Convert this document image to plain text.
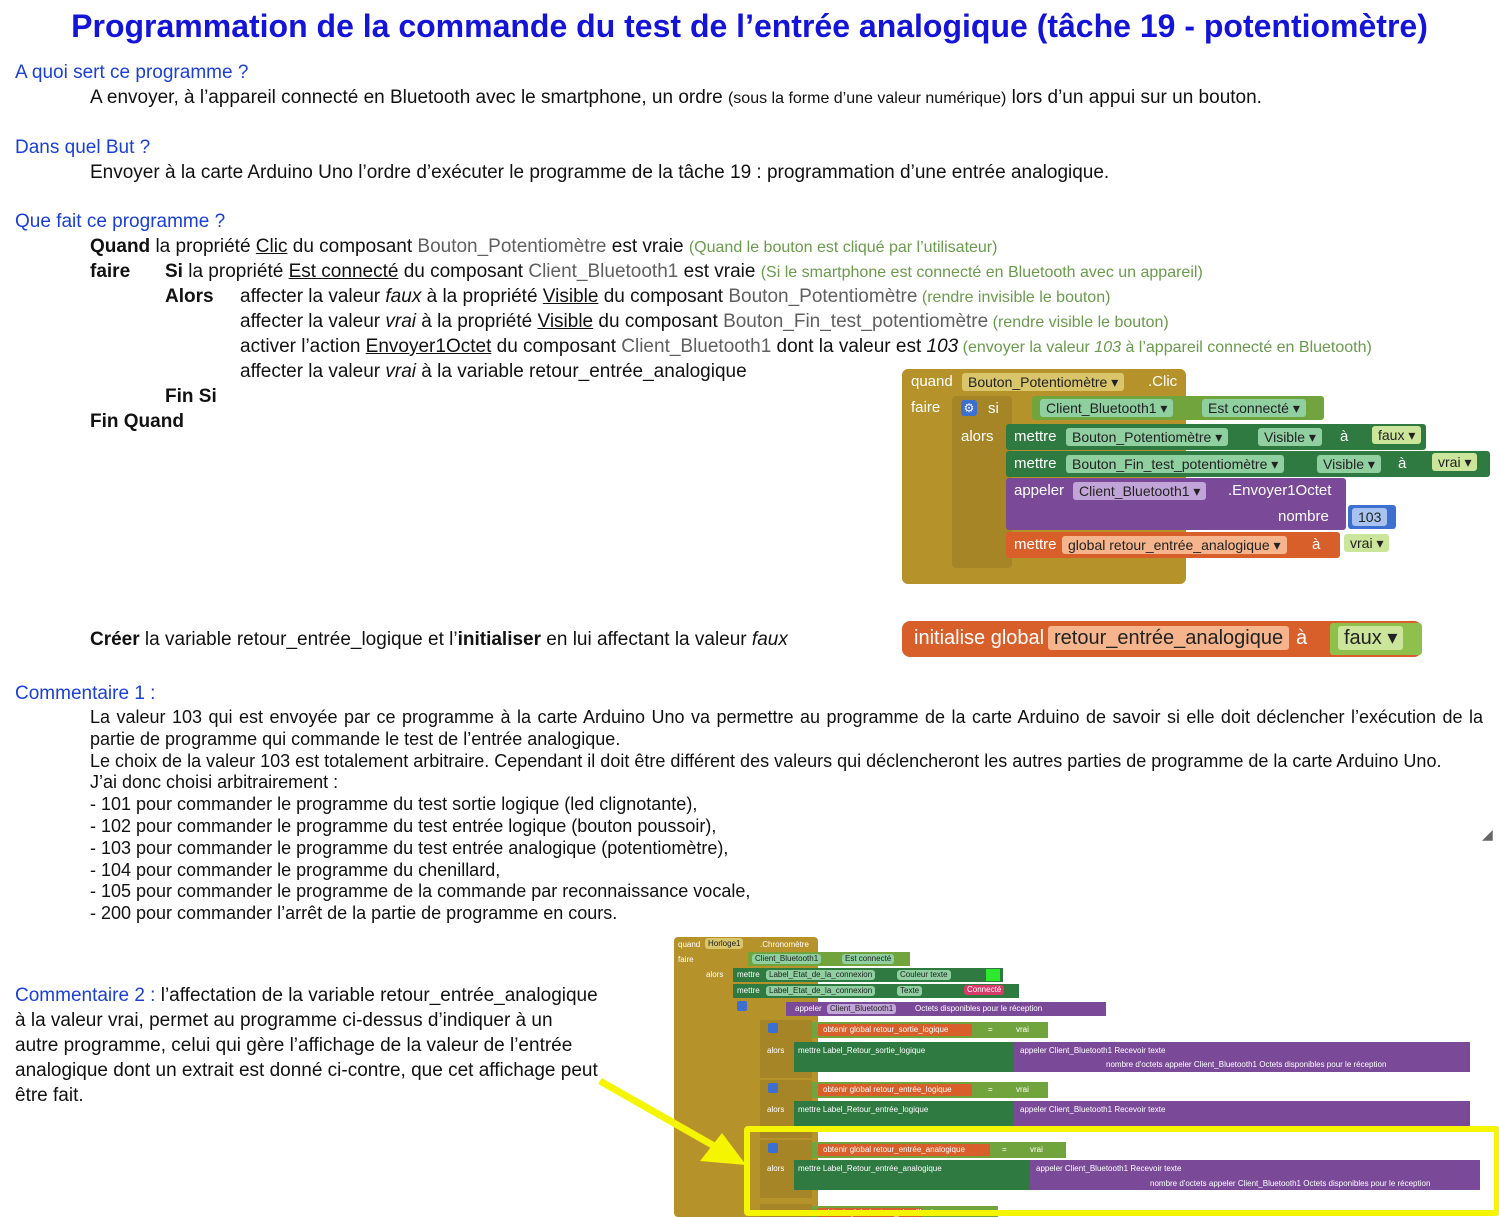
Programmation de la commande du test de l’entrée analogique (tâche 19 - potentiomètre)
A quoi sert ce programme ?
A envoyer, à l’appareil connecté en Bluetooth avec le smartphone, un ordre (sous la forme d’une valeur numérique) lors d’un appui sur un bouton.
Dans quel But ?
Envoyer à la carte Arduino Uno l’ordre d’exécuter le programme de la tâche 19 : programmation d’une entrée analogique.
Que fait ce programme ?
Quand la propriété Clic du composant Bouton_Potentiomètre est vraie (Quand le bouton est cliqué par l’utilisateur)
faire Si la propriété Est connecté du composant Client_Bluetooth1 est vraie (Si le smartphone est connecté en Bluetooth avec un appareil)
Alors affecter la valeur faux à la propriété Visible du composant Bouton_Potentiomètre (rendre invisible le bouton)
affecter la valeur vrai à la propriété Visible du composant Bouton_Fin_test_potentiomètre (rendre visible le bouton)
activer l’action Envoyer1Octet du composant Client_Bluetooth1 dont la valeur est 103 (envoyer la valeur 103 à l’appareil connecté en Bluetooth)
affecter la valeur vrai à la variable retour_entrée_analogique
Fin Si
Fin Quand
quand	Bouton_Potentiomètre ▾	.Clic
faire ⚙ si	Client_Bluetooth1 ▾	Est connecté ▾
alors mettre	Bouton_Potentiomètre ▾	Visible ▾	à	faux ▾
mettre	Bouton_Fin_test_potentiomètre ▾	Visible ▾	à	vrai ▾
appeler	Client_Bluetooth1 ▾	.Envoyer1Octet
nombre	103
mettre global retour_entrée_analogique ▾	à	vrai ▾
Créer la variable retour_entrée_logique et l’initialiser en lui affectant la valeur faux	initialise global retour_entrée_analogique à	faux ▾
Commentaire 1 :
La valeur 103 qui est envoyée par ce programme à la carte Arduino Uno va permettre au programme de la carte Arduino de savoir si elle doit déclencher l’exécution de la partie de programme qui commande le test de l’entrée analogique.
Le choix de la valeur 103 est totalement arbitraire. Cependant il doit être différent des valeurs qui déclencheront les autres parties de programme de la carte Arduino Uno.
J’ai donc choisi arbitrairement :
- 101 pour commander le programme du test sortie logique (led clignotante),
- 102 pour commander le programme du test entrée logique (bouton poussoir),
- 103 pour commander le programme du test entrée analogique (potentiomètre),
- 104 pour commander le programme du chenillard,
- 105 pour commander le programme de la commande par reconnaissance vocale,
- 200 pour commander l’arrêt de la partie de programme en cours.
◢
Commentaire 2 : l’affectation de la variable retour_entrée_analogique à la valeur vrai, permet au programme ci-dessus d’indiquer à un autre programme, celui qui gère l’affichage de la valeur de l’entrée analogique dont un extrait est donné ci-contre, que cet affichage peut être fait.
quand Horloge1	.Chronomètre
faire	Client_Bluetooth1	Est connecté
alors mettre	Label_Etat_de_la_connexion	Couleur texte
mettre	Label_Etat_de_la_connexion	Texte	Connecté
appeler	Client_Bluetooth1	Octets disponibles pour le réception
obtenir global retour_sortie_logique	=	vrai
alors mettre Label_Retour_sortie_logique	appeler Client_Bluetooth1 Recevoir texte
nombre d'octets appeler Client_Bluetooth1 Octets disponibles pour le réception
obtenir global retour_entrée_logique	=	vrai
alors mettre Label_Retour_entrée_logique	appeler Client_Bluetooth1 Recevoir texte
obtenir global retour_entrée_analogique	=	vrai
alors mettre Label_Retour_entrée_analogique	appeler Client_Bluetooth1 Recevoir texte
nombre d'octets appeler Client_Bluetooth1 Octets disponibles pour le réception
obtenir global retour_chenillard
